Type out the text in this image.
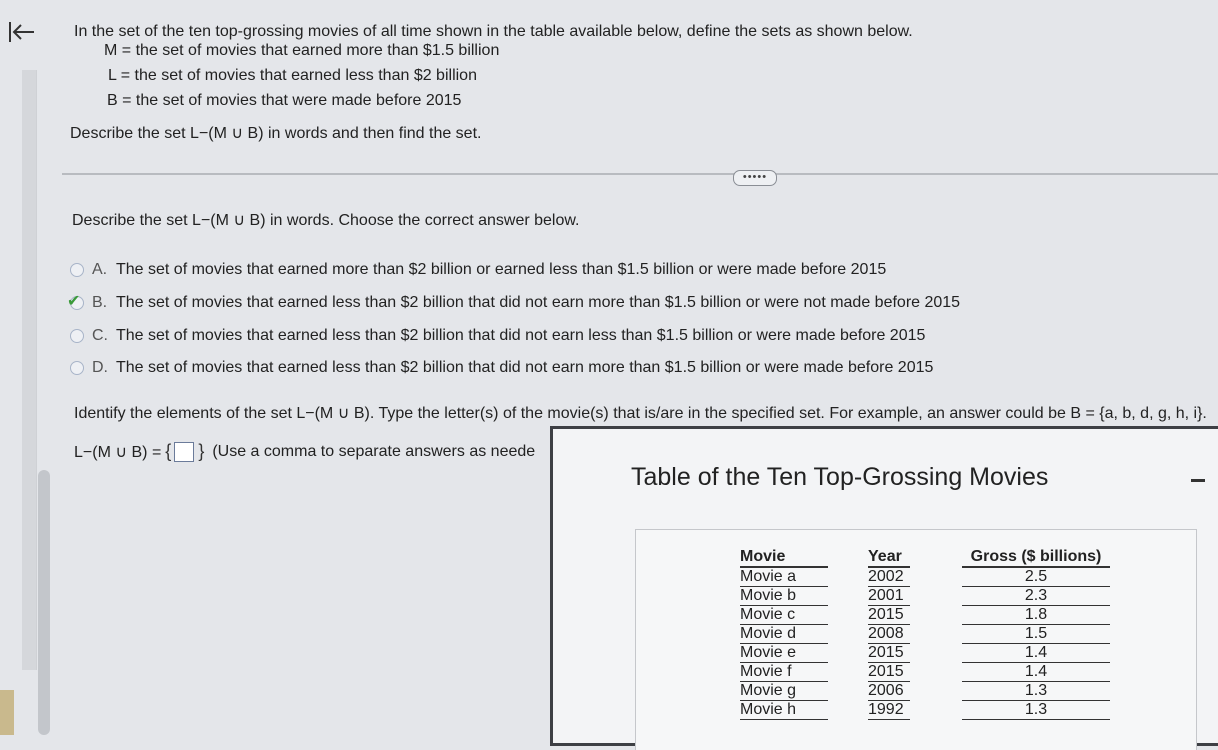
In the set of the ten top-grossing movies of all time shown in the table available below, define the sets as shown below.
M = the set of movies that earned more than $1.5 billion
L = the set of movies that earned less than $2 billion
B = the set of movies that were made before 2015
Describe the set L−(M ∪ B) in words and then find the set.
•••••
Describe the set L−(M ∪ B) in words. Choose the correct answer below.
A. The set of movies that earned more than $2 billion or earned less than $1.5 billion or were made before 2015
✔ B. The set of movies that earned less than $2 billion that did not earn more than $1.5 billion or were not made before 2015
C. The set of movies that earned less than $2 billion that did not earn less than $1.5 billion or were made before 2015
D. The set of movies that earned less than $2 billion that did not earn more than $1.5 billion or were made before 2015
Identify the elements of the set L−(M ∪ B). Type the letter(s) of the movie(s) that is/are in the specified set. For example, an answer could be B = {a, b, d, g, h, i}.
L−(M ∪ B) = { } (Use a comma to separate answers as neede
Table of the Ten Top-Grossing Movies
Movie
Movie a
Movie b
Movie c
Movie d
Movie e
Movie f
Movie g
Movie h
Year
2002
2001
2015
2008
2015
2015
2006
1992
Gross ($ billions)
2.5
2.3
1.8
1.5
1.4
1.4
1.3
1.3
